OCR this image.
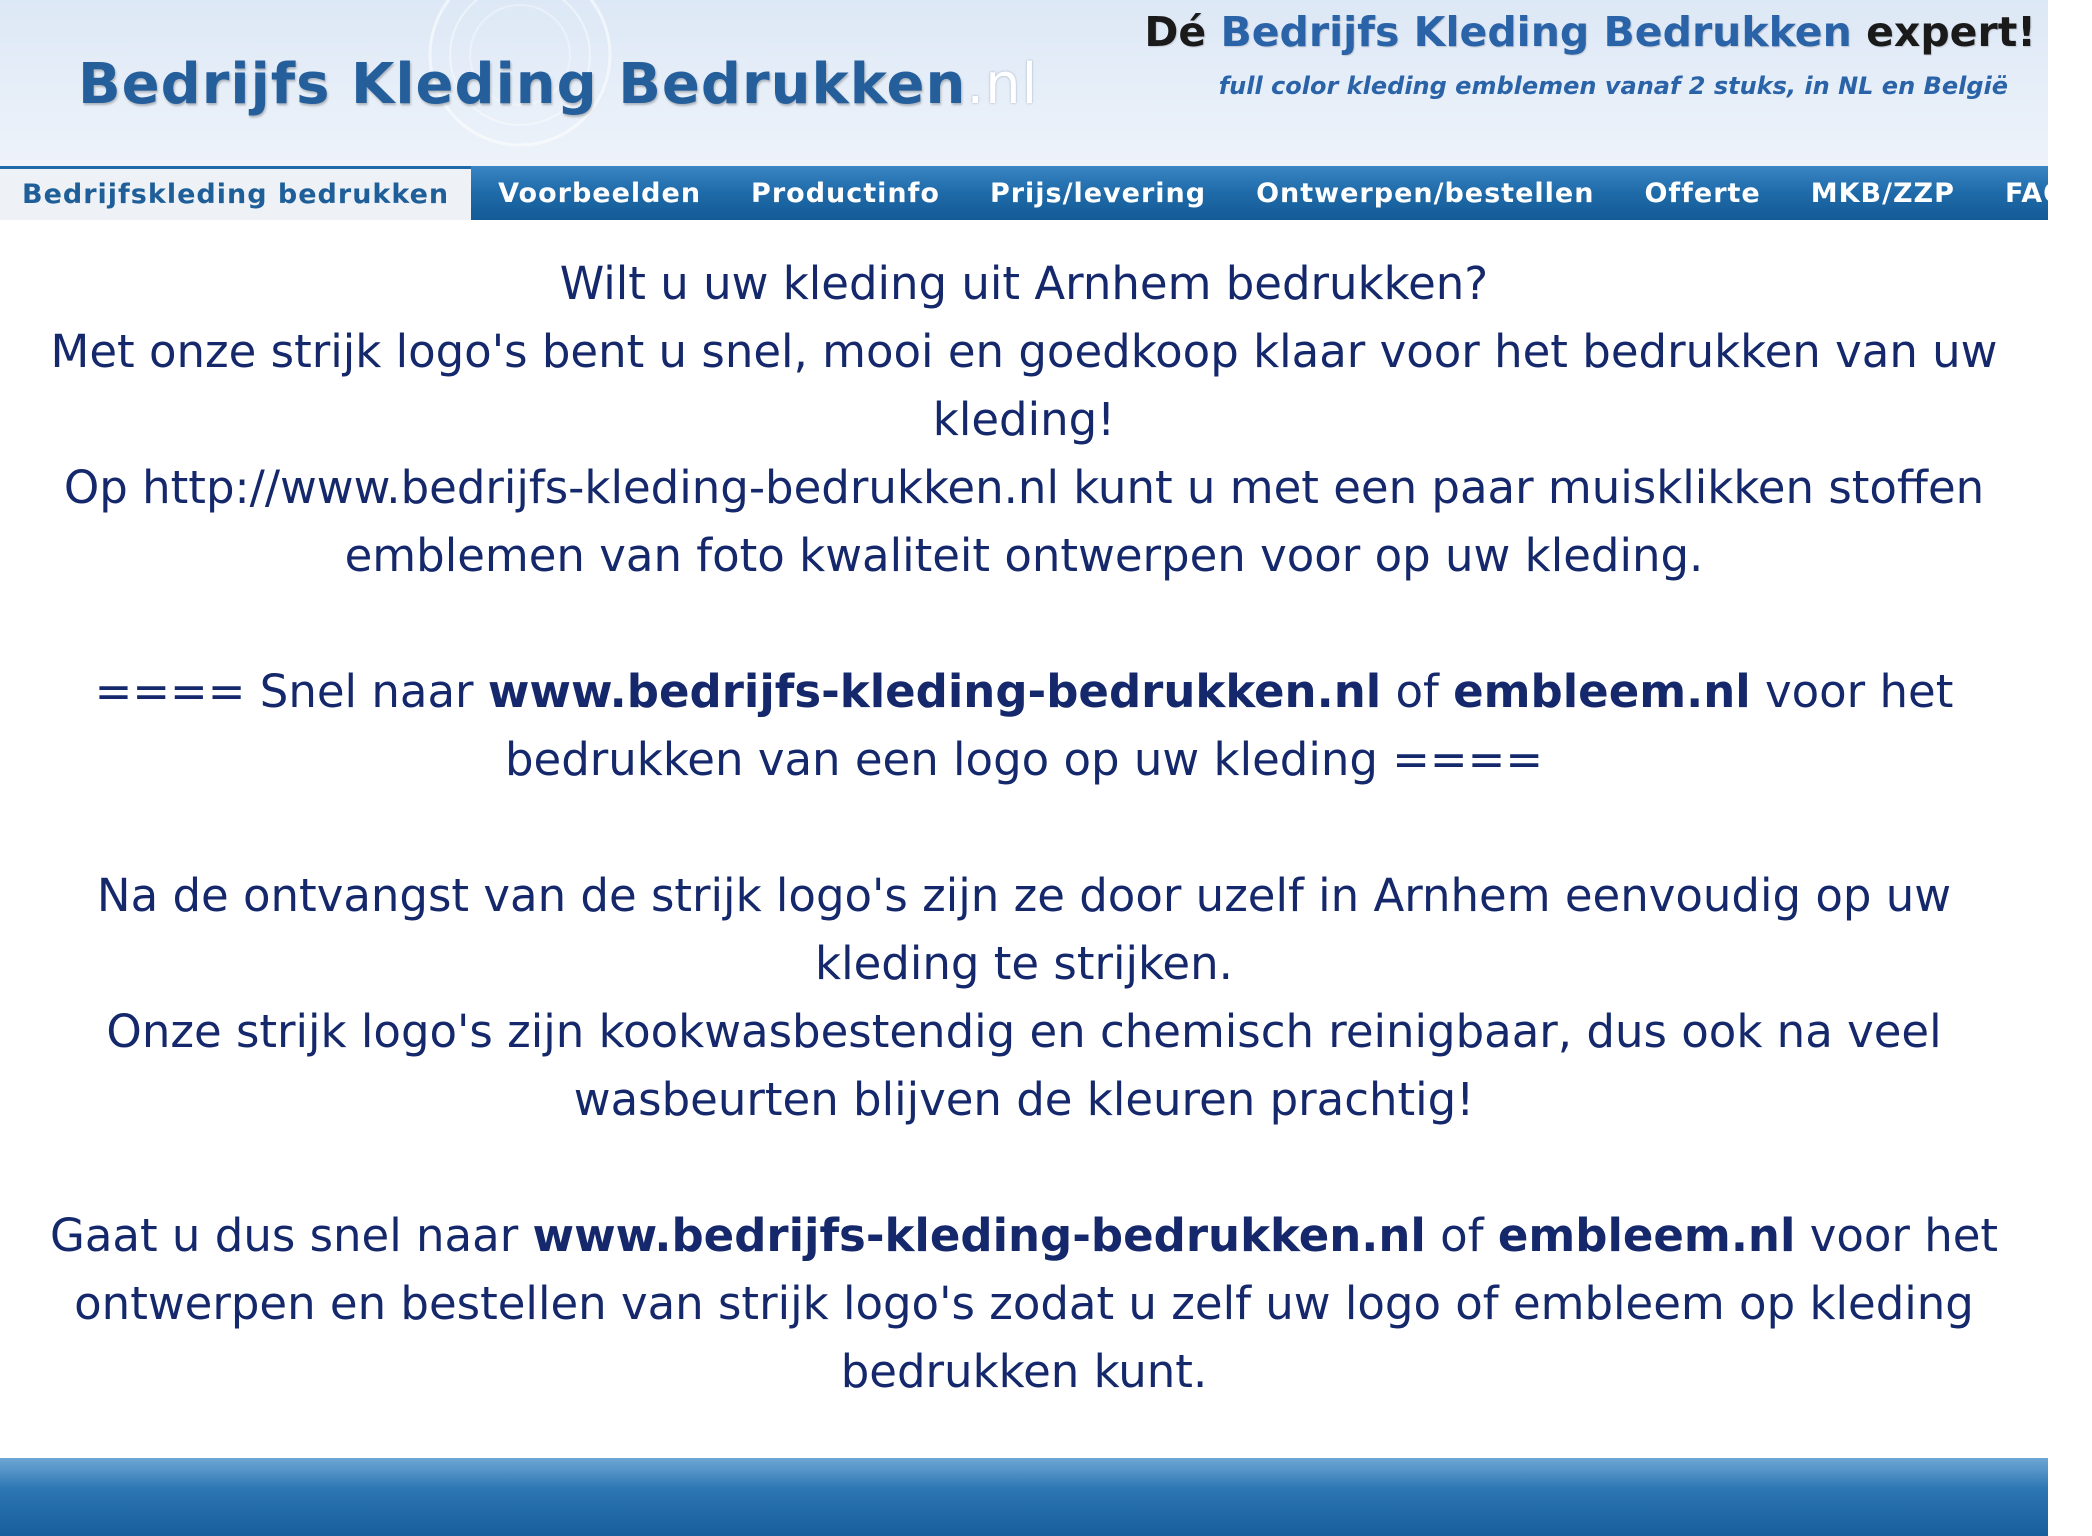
Bedrijfs Kleding Bedrukken.nl
Dé Bedrijfs Kleding Bedrukken expert!
full color kleding emblemen vanaf 2 stuks, in NL en België
Bedrijfskleding bedrukken	Voorbeelden	Productinfo	Prijs/levering	Ontwerpen/bestellen	Offerte	MKB/ZZP	FAQ

Wilt u uw kleding uit Arnhem bedrukken?

Met onze strijk logo's bent u snel, mooi en goedkoop klaar voor het bedrukken van uw kleding!

Op http://www.bedrijfs-kleding-bedrukken.nl kunt u met een paar muisklikken stoffen emblemen van foto kwaliteit ontwerpen voor op uw kleding.

==== Snel naar www.bedrijfs-kleding-bedrukken.nl of embleem.nl voor het bedrukken van een logo op uw kleding ====

Na de ontvangst van de strijk logo's zijn ze door uzelf in Arnhem eenvoudig op uw kleding te strijken.

Onze strijk logo's zijn kookwasbestendig en chemisch reinigbaar, dus ook na veel wasbeurten blijven de kleuren prachtig!

Gaat u dus snel naar www.bedrijfs-kleding-bedrukken.nl of embleem.nl voor het ontwerpen en bestellen van strijk logo's zodat u zelf uw logo of embleem op kleding bedrukken kunt.
